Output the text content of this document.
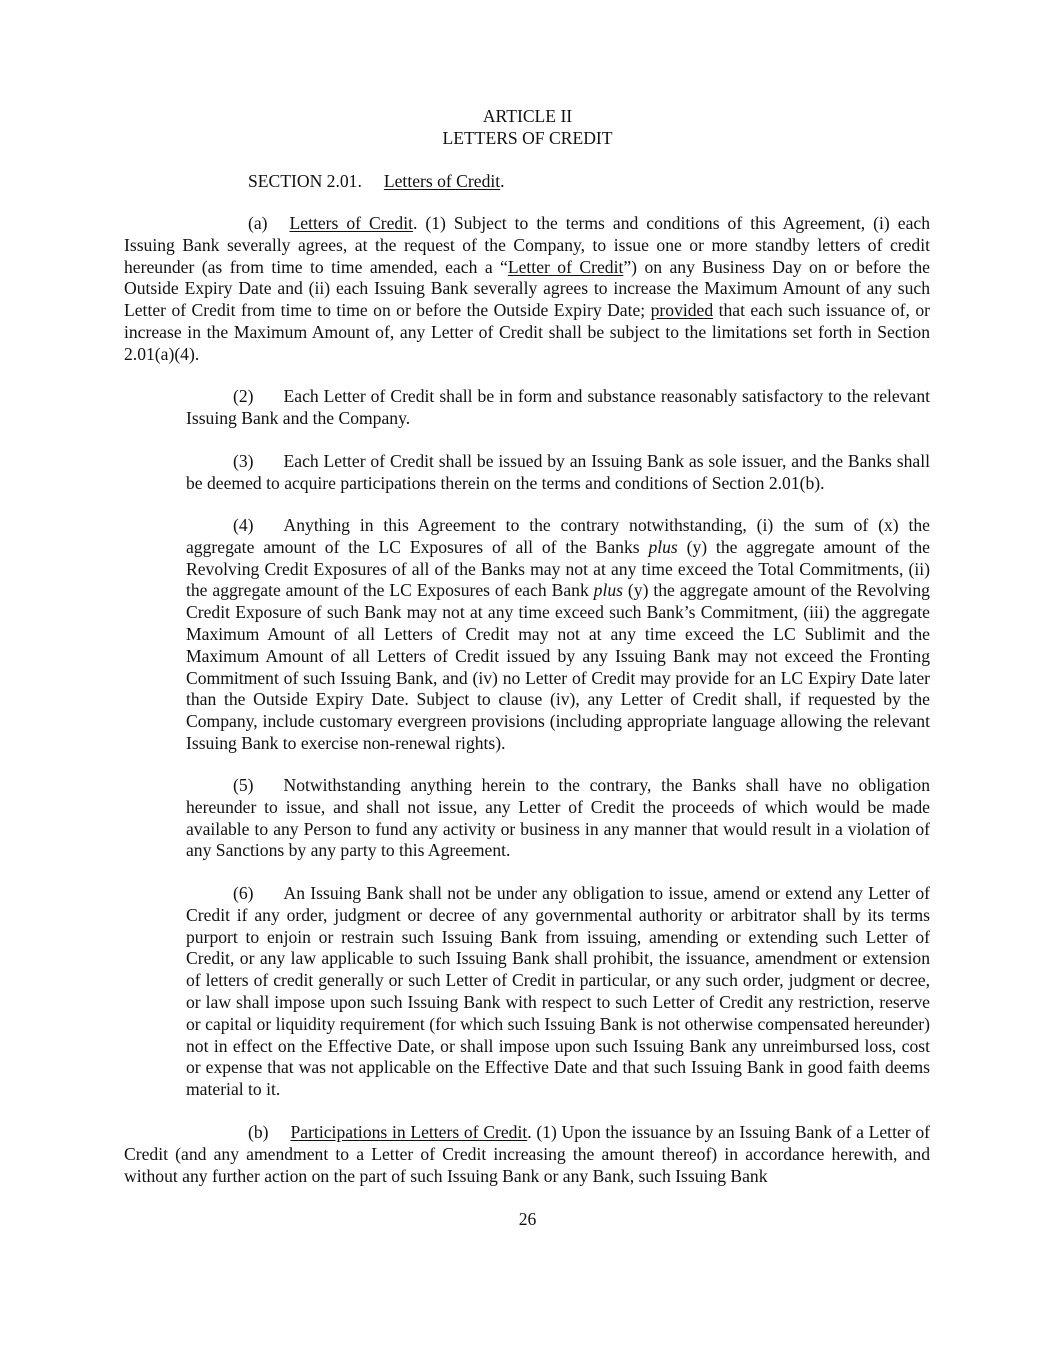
ARTICLE II
LETTERS OF CREDIT
SECTION 2.01. Letters of Credit.

(a) Letters of Credit. (1) Subject to the terms and conditions of this Agreement, (i) each Issuing Bank severally agrees, at the request of the Company, to issue one or more standby letters of credit hereunder (as from time to time amended, each a “Letter of Credit”) on any Business Day on or before the Outside Expiry Date and (ii) each Issuing Bank severally agrees to increase the Maximum Amount of any such Letter of Credit from time to time on or before the Outside Expiry Date; provided that each such issuance of, or increase in the Maximum Amount of, any Letter of Credit shall be subject to the limitations set forth in Section 2.01(a)(4).

(2) Each Letter of Credit shall be in form and substance reasonably satisfactory to the relevant Issuing Bank and the Company.

(3) Each Letter of Credit shall be issued by an Issuing Bank as sole issuer, and the Banks shall be deemed to acquire participations therein on the terms and conditions of Section 2.01(b).

(4) Anything in this Agreement to the contrary notwithstanding, (i) the sum of (x) the aggregate amount of the LC Exposures of all of the Banks plus (y) the aggregate amount of the Revolving Credit Exposures of all of the Banks may not at any time exceed the Total Commitments, (ii) the aggregate amount of the LC Exposures of each Bank plus (y) the aggregate amount of the Revolving Credit Exposure of such Bank may not at any time exceed such Bank’s Commitment, (iii) the aggregate Maximum Amount of all Letters of Credit may not at any time exceed the LC Sublimit and the Maximum Amount of all Letters of Credit issued by any Issuing Bank may not exceed the Fronting Commitment of such Issuing Bank, and (iv) no Letter of Credit may provide for an LC Expiry Date later than the Outside Expiry Date. Subject to clause (iv), any Letter of Credit shall, if requested by the Company, include customary evergreen provisions (including appropriate language allowing the relevant Issuing Bank to exercise non-renewal rights).

(5) Notwithstanding anything herein to the contrary, the Banks shall have no obligation hereunder to issue, and shall not issue, any Letter of Credit the proceeds of which would be made available to any Person to fund any activity or business in any manner that would result in a violation of any Sanctions by any party to this Agreement.

(6) An Issuing Bank shall not be under any obligation to issue, amend or extend any Letter of Credit if any order, judgment or decree of any governmental authority or arbitrator shall by its terms purport to enjoin or restrain such Issuing Bank from issuing, amending or extending such Letter of Credit, or any law applicable to such Issuing Bank shall prohibit, the issuance, amendment or extension of letters of credit generally or such Letter of Credit in particular, or any such order, judgment or decree, or law shall impose upon such Issuing Bank with respect to such Letter of Credit any restriction, reserve or capital or liquidity requirement (for which such Issuing Bank is not otherwise compensated hereunder) not in effect on the Effective Date, or shall impose upon such Issuing Bank any unreimbursed loss, cost or expense that was not applicable on the Effective Date and that such Issuing Bank in good faith deems material to it.

(b) Participations in Letters of Credit. (1) Upon the issuance by an Issuing Bank of a Letter of Credit (and any amendment to a Letter of Credit increasing the amount thereof) in accordance herewith, and without any further action on the part of such Issuing Bank or any Bank, such Issuing Bank

26
